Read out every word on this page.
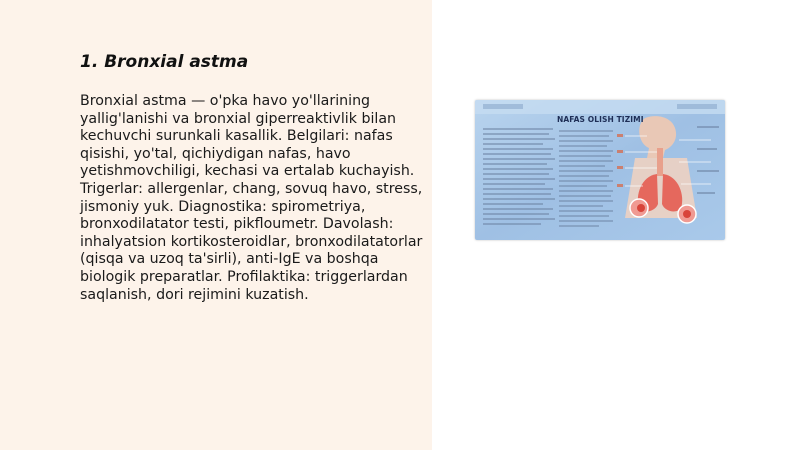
1. Bronxial astma

Bronxial astma — o'pka havo yo'llarining yallig'lanishi va bronxial giperreaktivlik bilan kechuvchi surunkali kasallik. Belgilari: nafas qisishi, yo'tal, qichiydigan nafas, havo yetishmovchiligi, kechasi va ertalab kuchayish. Trigerlar: allergenlar, chang, sovuq havo, stress, jismoniy yuk. Diagnostika: spirometriya, bronxodilatator testi, pikfloumetr. Davolash: inhalyatsion kortikosteroidlar, bronxodilatatorlar (qisqa va uzoq ta'sirli), anti-IgE va boshqa biologik preparatlar. Profilaktika: triggerlardan saqlanish, dori rejimini kuzatish.

NAFAS OLISH TIZIMI
